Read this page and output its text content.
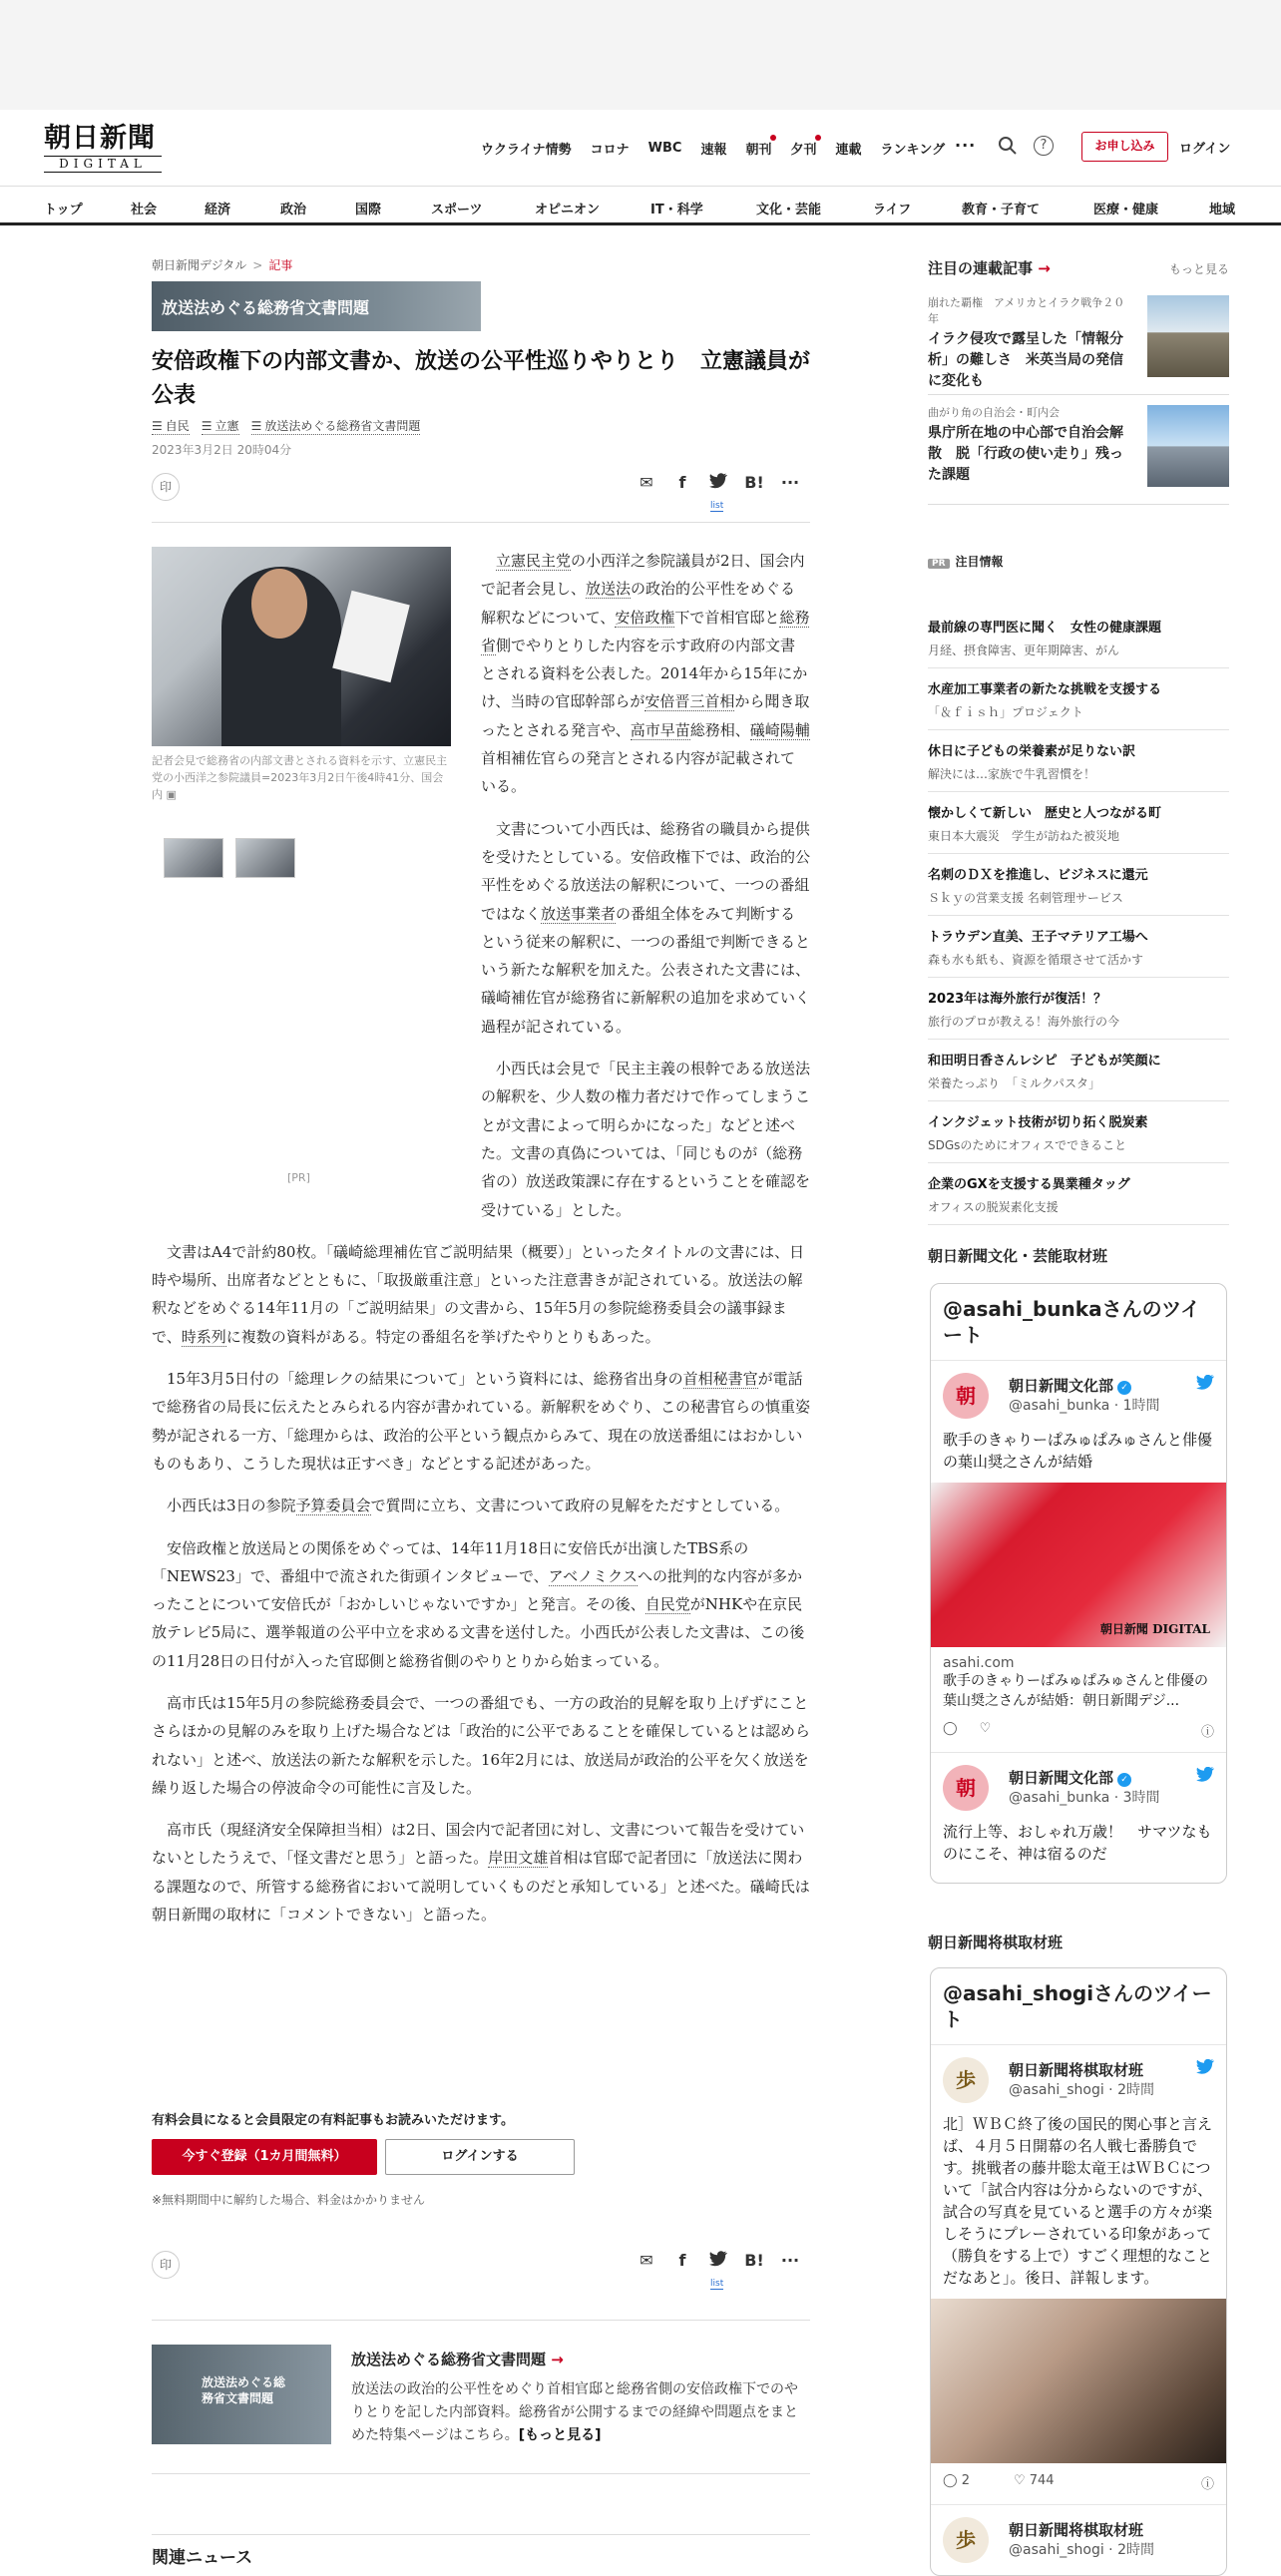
朝日新聞
DIGITAL
ウクライナ情勢 コロナ WBC 速報 朝刊 夕刊 連載 ランキング ···	?	お申し込み	ログイン
トップ	社会	経済	政治	国際	スポーツ	オピニオン	IT・科学	文化・芸能	ライフ	教育・子育て	医療・健康	地域
朝日新聞デジタル > 記事
放送法めぐる総務省文書問題
安倍政権下の内部文書か、放送の公平性巡りやりとり　立憲議員が公表
☰ 自民 ☰ 立憲 ☰ 放送法めぐる総務省文書問題
2023年3月2日 20時04分
印	✉	f	B! ···
list
記者会見で総務省の内部文書とされる資料を示す、立憲民主党の小西洋之参院議員=2023年3月2日午後4時41分、国会内 ▣
[PR]

立憲民主党の小西洋之参院議員が2日、国会内で記者会見し、放送法の政治的公平性をめぐる解釈などについて、安倍政権下で首相官邸と総務省側でやりとりした内容を示す政府の内部文書とされる資料を公表した。2014年から15年にかけ、当時の官邸幹部らが安倍晋三首相から聞き取ったとされる発言や、高市早苗総務相、礒崎陽輔首相補佐官らの発言とされる内容が記載されている。

文書について小西氏は、総務省の職員から提供を受けたとしている。安倍政権下では、政治的公平性をめぐる放送法の解釈について、一つの番組ではなく放送事業者の番組全体をみて判断するという従来の解釈に、一つの番組で判断できるという新たな解釈を加えた。公表された文書には、礒崎補佐官が総務省に新解釈の追加を求めていく過程が記されている。

小西氏は会見で「民主主義の根幹である放送法の解釈を、少人数の権力者だけで作ってしまうことが文書によって明らかになった」などと述べた。文書の真偽については、「同じものが（総務省の）放送政策課に存在するということを確認を受けている」とした。

文書はA4で計約80枚。「礒崎総理補佐官ご説明結果（概要）」といったタイトルの文書には、日時や場所、出席者などとともに、「取扱厳重注意」といった注意書きが記されている。放送法の解釈などをめぐる14年11月の「ご説明結果」の文書から、15年5月の参院総務委員会の議事録まで、時系列に複数の資料がある。特定の番組名を挙げたやりとりもあった。

15年3月5日付の「総理レクの結果について」という資料には、総務省出身の首相秘書官が電話で総務省の局長に伝えたとみられる内容が書かれている。新解釈をめぐり、この秘書官らの慎重姿勢が記される一方、「総理からは、政治的公平という観点からみて、現在の放送番組にはおかしいものもあり、こうした現状は正すべき」などとする記述があった。

小西氏は3日の参院予算委員会で質問に立ち、文書について政府の見解をただすとしている。

安倍政権と放送局との関係をめぐっては、14年11月18日に安倍氏が出演したTBS系の「NEWS23」で、番組中で流された街頭インタビューで、アベノミクスへの批判的な内容が多かったことについて安倍氏が「おかしいじゃないですか」と発言。その後、自民党がNHKや在京民放テレビ5局に、選挙報道の公平中立を求める文書を送付した。小西氏が公表した文書は、この後の11月28日の日付が入った官邸側と総務省側のやりとりから始まっている。

高市氏は15年5月の参院総務委員会で、一つの番組でも、一方の政治的見解を取り上げずにことさらほかの見解のみを取り上げた場合などは「政治的に公平であることを確保しているとは認められない」と述べ、放送法の新たな解釈を示した。16年2月には、放送局が政治的公平を欠く放送を繰り返した場合の停波命令の可能性に言及した。

高市氏（現経済安全保障担当相）は2日、国会内で記者団に対し、文書について報告を受けていないとしたうえで、「怪文書だと思う」と語った。岸田文雄首相は官邸で記者団に「放送法に関わる課題なので、所管する総務省において説明していくものだと承知している」と述べた。礒崎氏は朝日新聞の取材に「コメントできない」と語った。

有料会員になると会員限定の有料記事もお読みいただけます。
今すぐ登録（1カ月間無料）	ログインする
※無料期間中に解約した場合、料金はかかりません
印	✉	f	B! ···
list
放送法めぐる総務省文書問題
放送法めぐる総務省文書問題 →
放送法の政治的公平性をめぐり首相官邸と総務省側の安倍政権下でのやりとりを記した内部資料。総務省が公開するまでの経緯や問題点をまとめた特集ページはこちら。[もっと見る]
関連ニュース
注目の連載記事 →	もっと見る
崩れた覇権　アメリカとイラク戦争２０年
イラク侵攻で露呈した「情報分析」の難しさ　米英当局の発信に変化も
曲がり角の自治会・町内会
県庁所在地の中心部で自治会解散　脱「行政の使い走り」残った課題
PR 注目情報
最前線の専門医に聞く　女性の健康課題
月経、摂食障害、更年期障害、がん
水産加工事業者の新たな挑戦を支援する
「＆ｆｉｓｈ」プロジェクト
休日に子どもの栄養素が足りない訳
解決には…家族で牛乳習慣を！
懐かしくて新しい　歴史と人つながる町
東日本大震災　学生が訪ねた被災地
名刺のＤＸを推進し、ビジネスに還元
Ｓｋｙの営業支援 名刺管理サービス
トラウデン直美、王子マテリア工場へ
森も水も紙も、資源を循環させて活かす
2023年は海外旅行が復活！？
旅行のプロが教える！海外旅行の今
和田明日香さんレシピ　子どもが笑顔に
栄養たっぷり　「ミルクパスタ」
インクジェット技術が切り拓く脱炭素
SDGsのためにオフィスでできること
企業のGXを支援する異業種タッグ
オフィスの脱炭素化支援
朝日新聞文化・芸能取材班
@asahi_bunkaさんのツイート
朝	朝日新聞文化部 ✓
@asahi_bunka · 1時間
歌手のきゃりーぱみゅぱみゅさんと俳優の葉山奨之さんが結婚
朝日新聞 DIGITAL
asahi.com
歌手のきゃりーぱみゅぱみゅさんと俳優の葉山奨之さんが結婚：朝日新聞デジ...
◯ ♡	ⓘ
朝	朝日新聞文化部 ✓
@asahi_bunka · 3時間
流行上等、おしゃれ万歳！　サマツなものにこそ、神は宿るのだ
朝日新聞将棋取材班
@asahi_shogiさんのツイート
歩	朝日新聞将棋取材班
@asahi_shogi · 2時間
北］ＷＢＣ終了後の国民的関心事と言えば、４月５日開幕の名人戦七番勝負です。挑戦者の藤井聡太竜王はＷＢＣについて「試合内容は分からないのですが、試合の写真を見ていると選手の方々が楽しそうにプレーされている印象があって（勝負をする上で）すごく理想的なことだなあと」。後日、詳報します。
◯ 2	♡ 744	ⓘ
歩	朝日新聞将棋取材班
@asahi_shogi · 2時間
